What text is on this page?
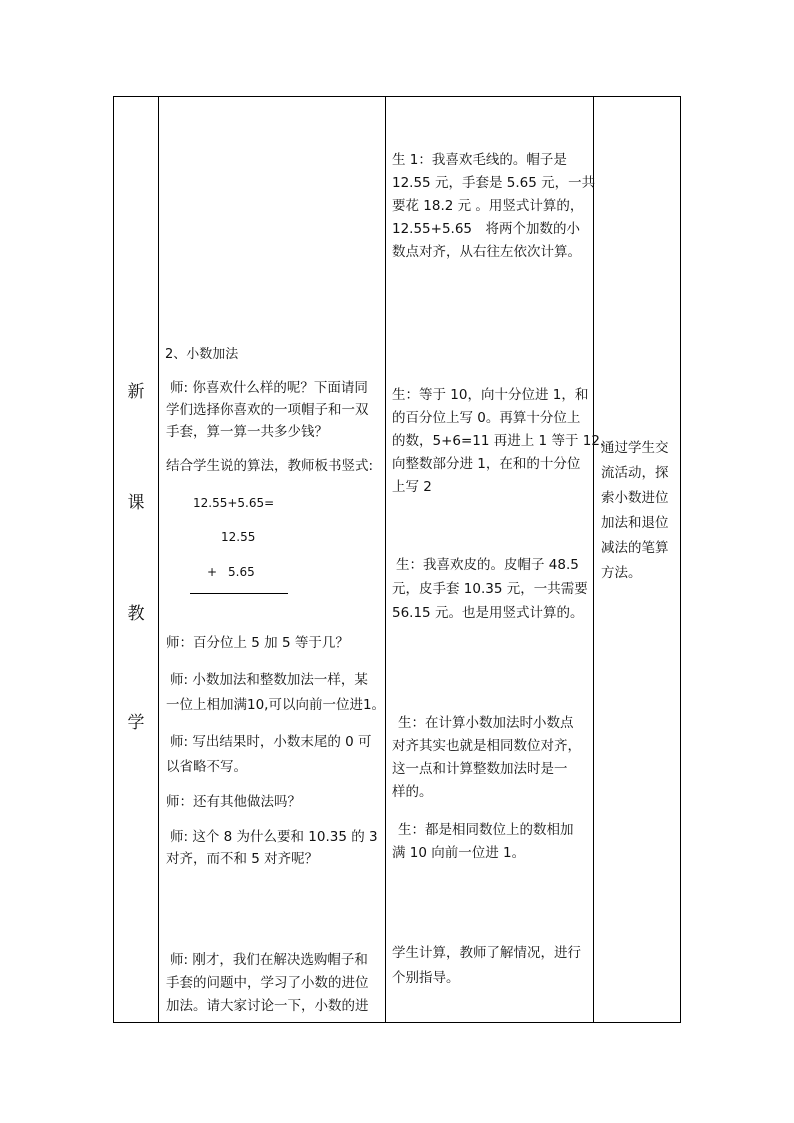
新
课
教
学
2、小数加法
师: 你喜欢什么样的呢？下面请同
学们选择你喜欢的一项帽子和一双
手套，算一算一共多少钱？
结合学生说的算法，教师板书竖式:
12.55+5.65=
12.55
+ 5.65
师：百分位上 5 加 5 等于几？
师: 小数加法和整数加法一样，某
一位上相加满10,可以向前一位进1。
师: 写出结果时，小数末尾的 0 可
以省略不写。
师：还有其他做法吗？
师: 这个 8 为什么要和 10.35 的 3
对齐，而不和 5 对齐呢？
师: 刚才，我们在解决选购帽子和
手套的问题中，学习了小数的进位
加法。请大家讨论一下，小数的进
生 1：我喜欢毛线的。帽子是
12.55 元，手套是 5.65 元，一共
要花 18.2 元 。用竖式计算的，
12.55+5.65　将两个加数的小
数点对齐，从右往左依次计算。
生：等于 10，向十分位进 1，和
的百分位上写 0。再算十分位上
的数，5+6=11 再进上 1 等于 12，
向整数部分进 1，在和的十分位
上写 2
生：我喜欢皮的。皮帽子 48.5
元，皮手套 10.35 元，一共需要
56.15 元。也是用竖式计算的。
生：在计算小数加法时小数点
对齐其实也就是相同数位对齐，
这一点和计算整数加法时是一
样的。
生：都是相同数位上的数相加
满 10 向前一位进 1。
学生计算，教师了解情况，进行
个别指导。
通过学生交
流活动，探
索小数进位
加法和退位
减法的笔算
方法。
